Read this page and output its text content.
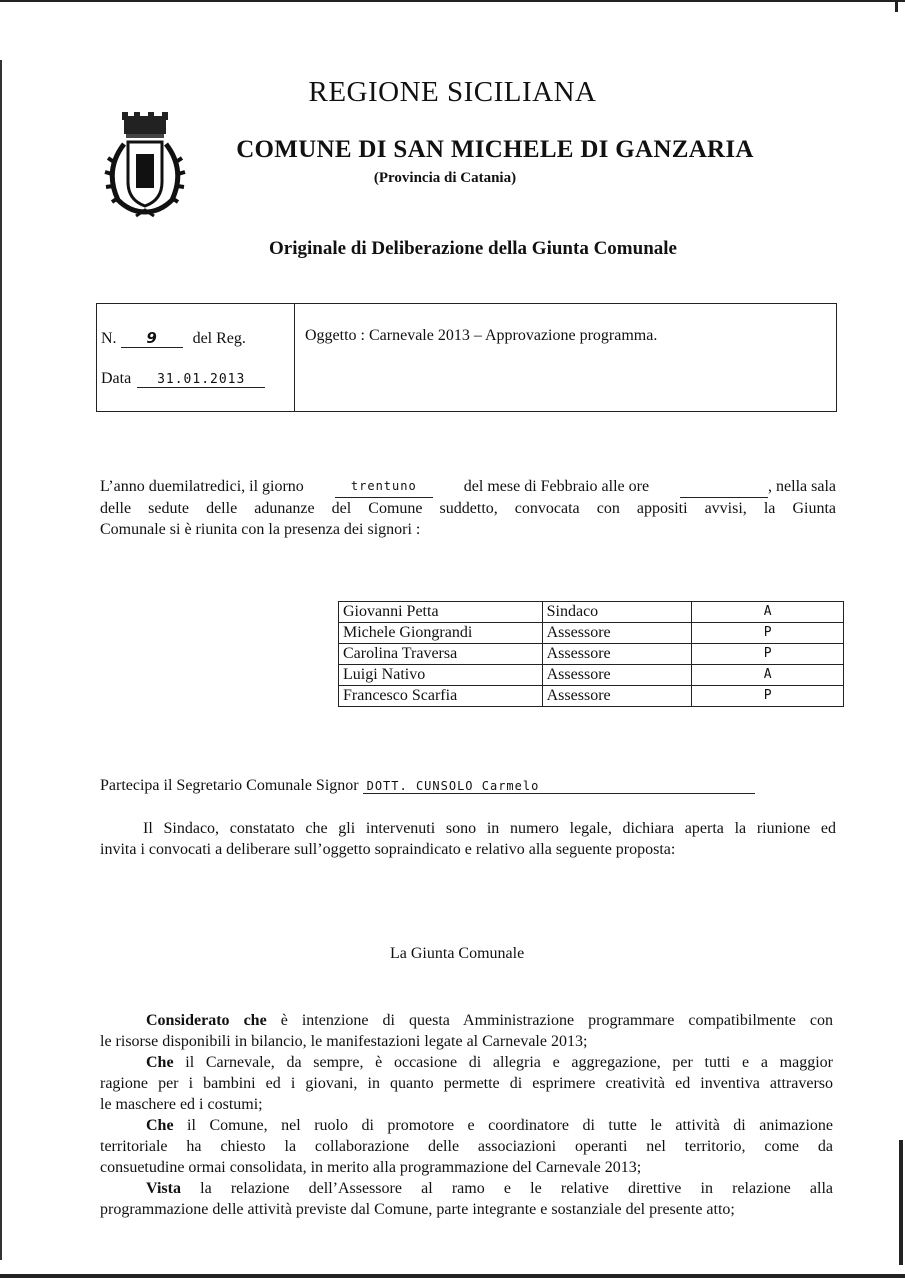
REGIONE SICILIANA
COMUNE DI SAN MICHELE DI GANZARIA
(Provincia di Catania)
Originale di Deliberazione della Giunta Comunale
N. 9 del Reg.
Data 31.01.2013
Oggetto : Carnevale 2013 – Approvazione programma.
L’anno duemilatredici, il giorno	trentuno	del mese di Febbraio alle ore	, nella sala
delle sedute delle adunanze del Comune suddetto, convocata con appositi avvisi, la Giunta
Comunale si è riunita con la presenza dei signori :
Giovanni Petta	Sindaco	A
Michele Giongrandi	Assessore	P
Carolina Traversa	Assessore	P
Luigi Nativo	Assessore	A
Francesco Scarfia	Assessore	P
Partecipa il Segretario Comunale Signor DOTT. CUNSOLO Carmelo
Il Sindaco, constatato che gli intervenuti sono in numero legale, dichiara aperta la riunione ed
invita i convocati a deliberare sull’oggetto sopraindicato e relativo alla seguente proposta:
La Giunta Comunale
Considerato che è intenzione di questa Amministrazione programmare compatibilmente con
le risorse disponibili in bilancio, le manifestazioni legate al Carnevale 2013;
Che il Carnevale, da sempre, è occasione di allegria e aggregazione, per tutti e a maggior
ragione per i bambini ed i giovani, in quanto permette di esprimere creatività ed inventiva attraverso
le maschere ed i costumi;
Che il Comune, nel ruolo di promotore e coordinatore di tutte le attività di animazione
territoriale ha chiesto la collaborazione delle associazioni operanti nel territorio, come da
consuetudine ormai consolidata, in merito alla programmazione del Carnevale 2013;
Vista la relazione dell’Assessore al ramo e le relative direttive in relazione alla
programmazione delle attività previste dal Comune, parte integrante e sostanziale del presente atto;
